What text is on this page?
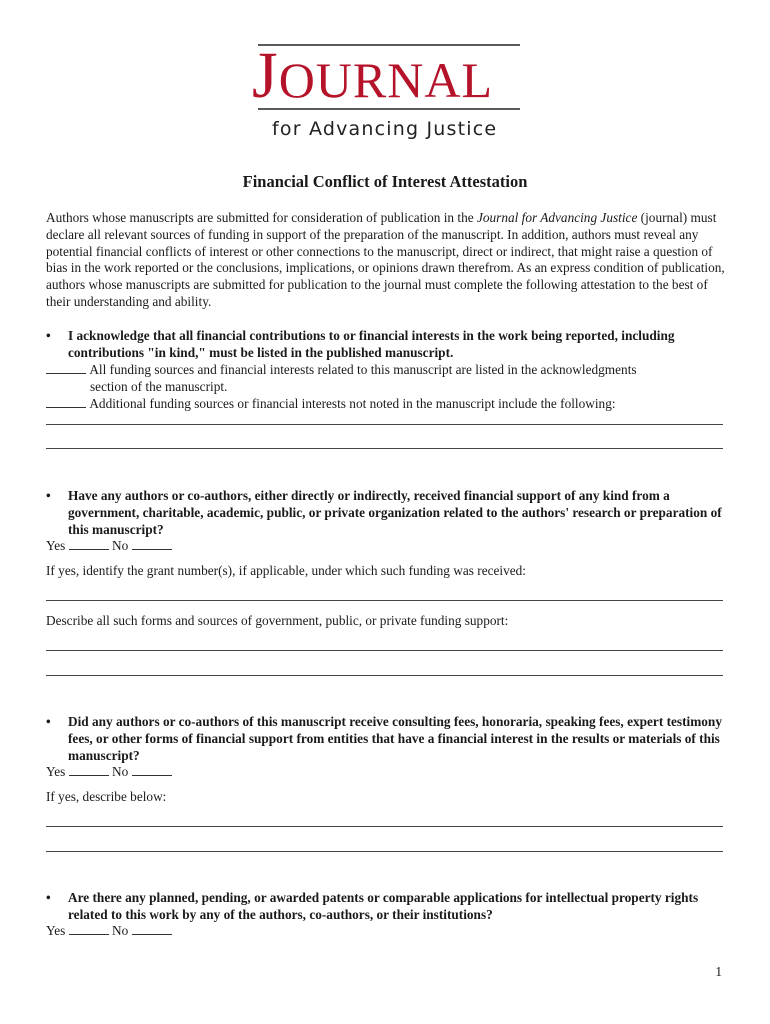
JOURNAL
for Advancing Justice
Financial Conflict of Interest Attestation
Authors whose manuscripts are submitted for consideration of publication in the Journal for Advancing Justice (journal) must declare all relevant sources of funding in support of the preparation of the manuscript. In addition, authors must reveal any potential financial conflicts of interest or other connections to the manuscript, direct or indirect, that might raise a question of bias in the work reported or the conclusions, implications, or opinions drawn therefrom. As an express condition of publication, authors whose manuscripts are submitted for publication to the journal must complete the following attestation to the best of their understanding and ability.
• I acknowledge that all financial contributions to or financial interests in the work being reported, including contributions "in kind," must be listed in the published manuscript.
All funding sources and financial interests related to this manuscript are listed in the acknowledgments
section of the manuscript.
Additional funding sources or financial interests not noted in the manuscript include the following:
• Have any authors or co-authors, either directly or indirectly, received financial support of any kind from a government, charitable, academic, public, or private organization related to the authors' research or preparation of this manuscript?
Yes	No
If yes, identify the grant number(s), if applicable, under which such funding was received:
Describe all such forms and sources of government, public, or private funding support:
• Did any authors or co-authors of this manuscript receive consulting fees, honoraria, speaking fees, expert testimony fees, or other forms of financial support from entities that have a financial interest in the results or materials of this manuscript?
Yes	No
If yes, describe below:
• Are there any planned, pending, or awarded patents or comparable applications for intellectual property rights related to this work by any of the authors, co-authors, or their institutions?
Yes	No
1
